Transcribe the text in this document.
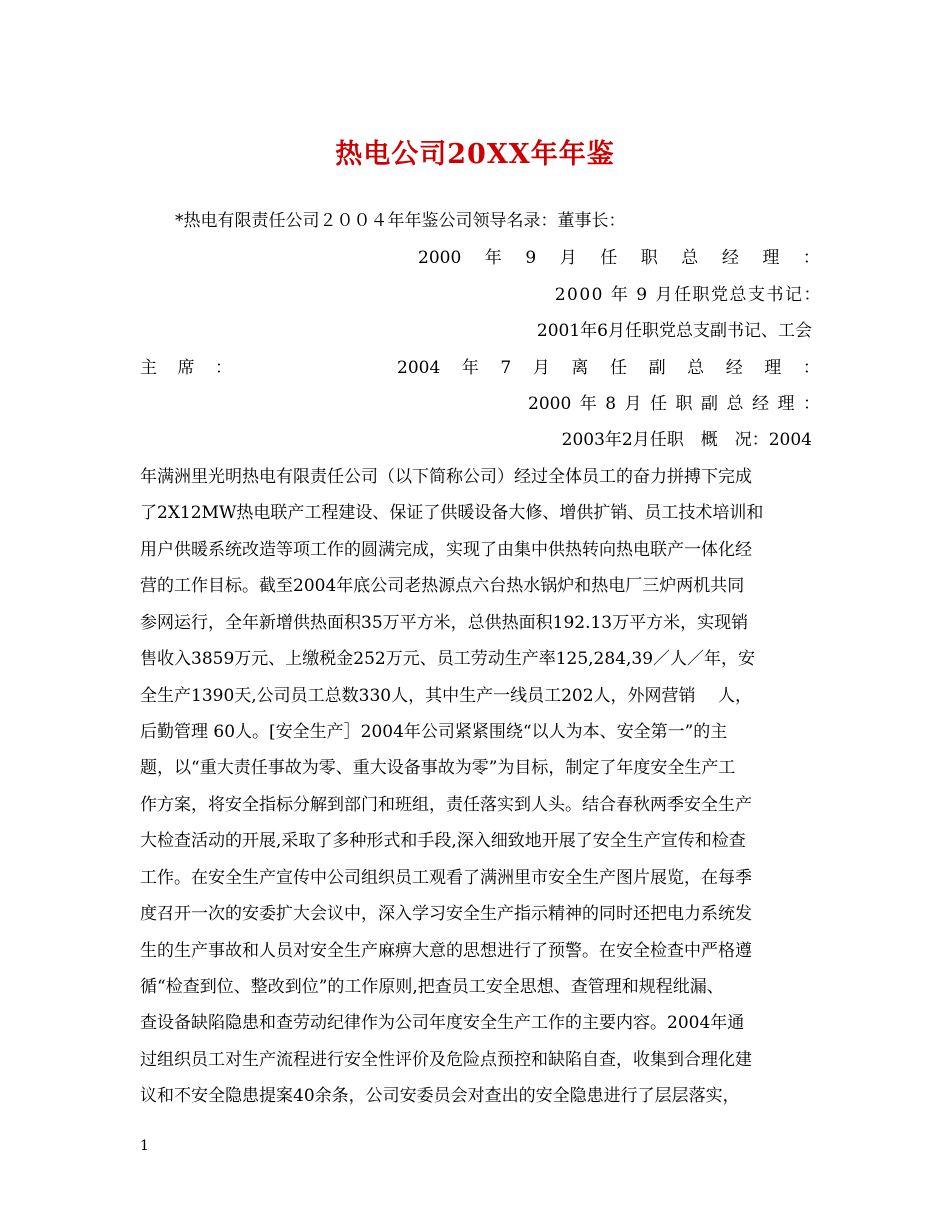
热电公司20XX年年鉴
*热电有限责任公司２００４年年鉴公司领导名录：董事长：
2000 年 9 月 任 职 总 经 理 ：
2000 年 9 月任职党总支书记：
2001年6月任职党总支副书记、工会
主 席 ：	2004 年 7 月 离 任 副 总 经 理 ：
2000 年 8 月 任 职 副 总 经 理 ：
2003年2月任职　概　况：2004
年满洲里光明热电有限责任公司（以下简称公司）经过全体员工的奋力拼搏下完成
了2X12MW热电联产工程建设、保证了供暖设备大修、增供扩销、员工技术培训和
用户供暖系统改造等项工作的圆满完成，实现了由集中供热转向热电联产一体化经
营的工作目标。截至2004年底公司老热源点六台热水锅炉和热电厂三炉两机共同
参网运行，全年新增供热面积35万平方米，总供热面积192.13万平方米，实现销
售收入3859万元、上缴税金252万元、员工劳动生产率125,284,39／人／年，安
全生产1390天,公司员工总数330人，其中生产一线员工202人，外网营销　 人，
后勤管理 60人。[安全生产］2004年公司紧紧围绕“以人为本、安全第一”的主
题，以“重大责任事故为零、重大设备事故为零”为目标，制定了年度安全生产工
作方案，将安全指标分解到部门和班组，责任落实到人头。结合春秋两季安全生产
大检查活动的开展,采取了多种形式和手段,深入细致地开展了安全生产宣传和检查
工作。在安全生产宣传中公司组织员工观看了满洲里市安全生产图片展览，在每季
度召开一次的安委扩大会议中，深入学习安全生产指示精神的同时还把电力系统发
生的生产事故和人员对安全生产麻痹大意的思想进行了预警。在安全检查中严格遵
循“检查到位、整改到位”的工作原则,把查员工安全思想、查管理和规程纰漏、
查设备缺陷隐患和查劳动纪律作为公司年度安全生产工作的主要内容。2004年通
过组织员工对生产流程进行安全性评价及危险点预控和缺陷自查，收集到合理化建
议和不安全隐患提案40余条，公司安委员会对查出的安全隐患进行了层层落实，
1
